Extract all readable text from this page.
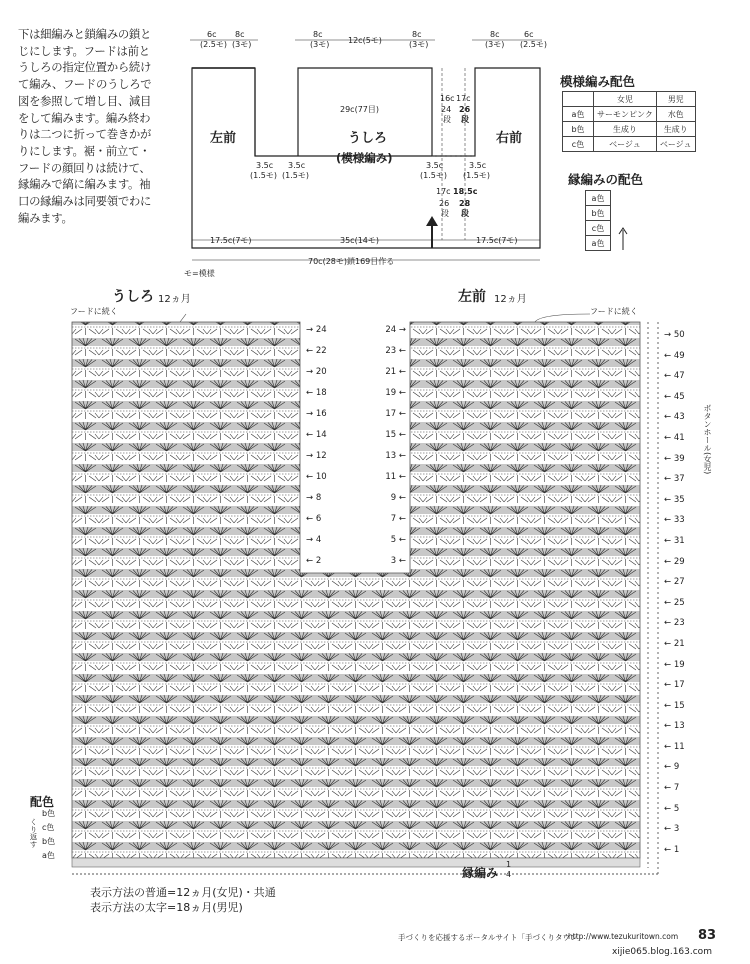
下は細編みと鎖編みの鎖と
じにします。フードは前と
うしろの指定位置から続け
て編み、フードのうしろで
図を参照して増し目、減目
をして編みます。編み終わ
りは二つに折って巻きかが
りにします。裾・前立て・
フードの顔回りは続けて、
縁編みで縞に編みます。袖
口の縁編みは同要領でわに
編みます。
6c
(2.5モ)
8c
(3モ)
8c
(3モ) 12c(5モ)
8c
(3モ)
8c
(3モ)
6c
(2.5モ)
29c(77目)
16c 17c
24
段
26
段
3.5c
(1.5モ)
3.5c
(1.5モ)
3.5c
(1.5モ)
3.5c
(1.5モ)
17c 18.5c
26
段
28
段
17.5c(7モ)	35c(14モ)	17.5c(7モ)
70c(28モ)鎖169目作る
モ=模様
左前	うしろ
(模様編み)
右前
模様編み配色
	女児	男児
a色	サーモンピンク	水色
b色	生成り	生成り
c色	ベージュ	ベージュ
縁編みの配色
a色
b色
c色
a色
うしろ 12ヵ月	左前 12ヵ月
フードに続く	フードに続く
→ 24
← 22
→ 20
← 18
→ 16
← 14
→ 12
← 10
→ 8
← 6
→ 4
← 2
24 →
23 ←
21 ←
19 ←
17 ←
15 ←
13 ←
11 ←
9 ←
7 ←
5 ←
3 ←
ボタンホール(女児)
→ 50
← 49
← 47
← 45
← 43
← 41
← 39
← 37
← 35
← 33
← 31
← 29
← 27
← 25
← 23
← 21
← 19
← 17
← 15
← 13
← 11
← 9
← 7
← 5
← 3
← 1
配色
b色
c色
b色
a色
くり返す
縁編み
1
4
表示方法の普通=12ヵ月(女児)・共通
表示方法の太字=18ヵ月(男児)
手づくりを応援するポータルサイト「手づくりタウン」
http://www.tezukuritown.com 83
xijie065.blog.163.com
